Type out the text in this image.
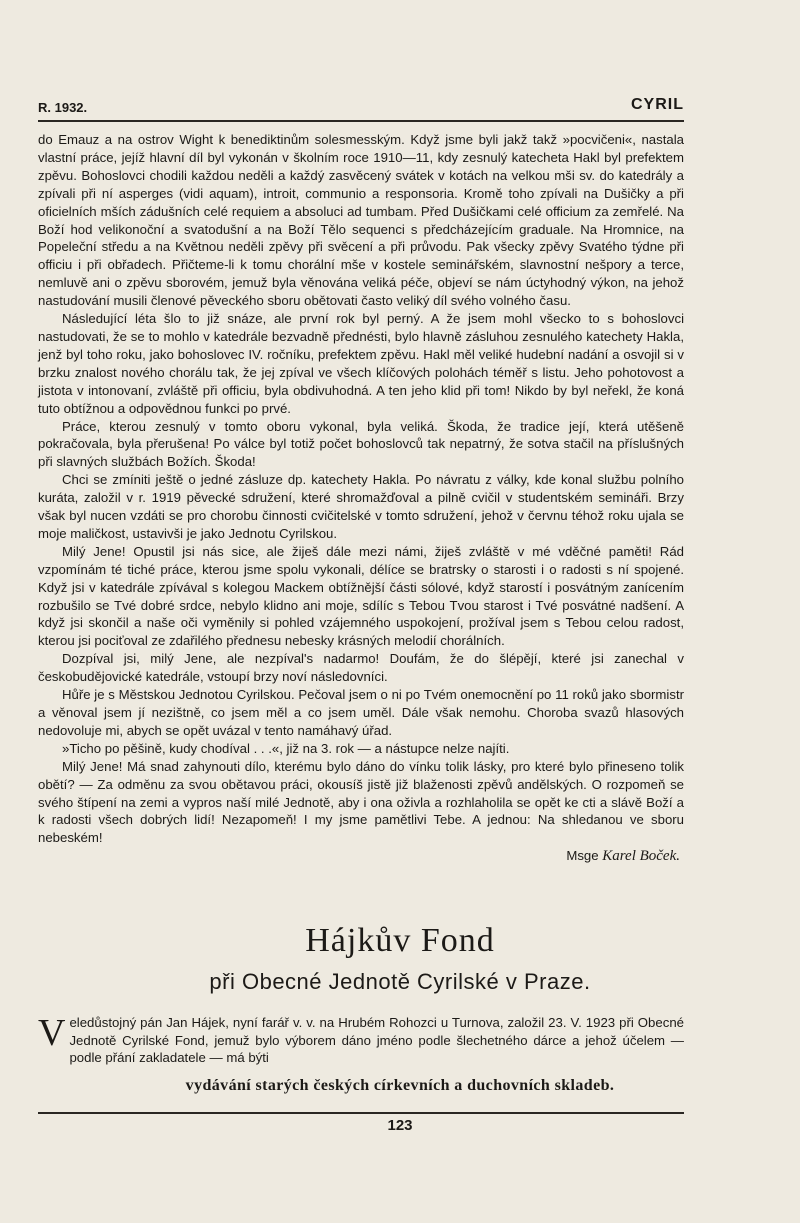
R. 1932.	CYRIL

do Emauz a na ostrov Wight k benediktinům solesmesským. Když jsme byli jakž takž »pocvičeni«, nastala vlastní práce, jejíž hlavní díl byl vykonán v školním roce 1910—11, kdy zesnulý katecheta Hakl byl prefektem zpěvu. Bohoslovci chodili každou neděli a každý zasvěcený svátek v kotách na velkou mši sv. do katedrály a zpívali při ní asperges (vidi aquam), introit, communio a responsoria. Kromě toho zpívali na Dušičky a při oficielních mších zádušních celé requiem a absoluci ad tumbam. Před Dušičkami celé officium za zemřelé. Na Boží hod velikonoční a svatodušní a na Boží Tělo sequenci s předcházejícím graduale. Na Hromnice, na Popeleční středu a na Květnou neděli zpěvy při svěcení a při průvodu. Pak všecky zpěvy Svatého týdne při officiu i při obřadech. Přičteme-li k tomu chorální mše v kostele seminářském, slavnostní nešpory a terce, nemluvě ani o zpěvu sborovém, jemuž byla věnována veliká péče, objeví se nám úctyhodný výkon, na jehož nastudování musili členové pěveckého sboru obětovati často veliký díl svého volného času.

Následující léta šlo to již snáze, ale první rok byl perný. A že jsem mohl všecko to s bohoslovci nastudovati, že se to mohlo v katedrále bezvadně přednésti, bylo hlavně zásluhou zesnulého katechety Hakla, jenž byl toho roku, jako bohoslovec IV. ročníku, prefektem zpěvu. Hakl měl veliké hudební nadání a osvojil si v brzku znalost nového chorálu tak, že jej zpíval ve všech klíčových polohách téměř s listu. Jeho pohotovost a jistota v intonovaní, zvláště při officiu, byla obdivuhodná. A ten jeho klid při tom! Nikdo by byl neřekl, že koná tuto obtížnou a odpovědnou funkci po prvé.

Práce, kterou zesnulý v tomto oboru vykonal, byla veliká. Škoda, že tradice její, která utěšeně pokračovala, byla přerušena! Po válce byl totiž počet bohoslovců tak nepatrný, že sotva stačil na příslušných při slavných službách Božích. Škoda!

Chci se zmíniti ještě o jedné zásluze dp. katechety Hakla. Po návratu z války, kde konal službu polního kuráta, založil v r. 1919 pěvecké sdružení, které shromažďoval a pilně cvičil v studentském semináři. Brzy však byl nucen vzdáti se pro chorobu činnosti cvičitelské v tomto sdružení, jehož v červnu téhož roku ujala se moje maličkost, ustavivši je jako Jednotu Cyrilskou.

Milý Jene! Opustil jsi nás sice, ale žiješ dále mezi námi, žiješ zvláště v mé vděčné paměti! Rád vzpomínám té tiché práce, kterou jsme spolu vykonali, délíce se bratrsky o starosti i o radosti s ní spojené. Když jsi v katedrále zpívával s kolegou Mackem obtížnější části sólové, když starostí i posvátným zanícením rozbušilo se Tvé dobré srdce, nebylo klidno ani moje, sdílíc s Tebou Tvou starost i Tvé posvátné nadšení. A když jsi skončil a naše oči vyměnily si pohled vzájemného uspokojení, prožíval jsem s Tebou celou radost, kterou jsi pociťoval ze zdařilého přednesu nebesky krásných melodií chorálních.

Dozpíval jsi, milý Jene, ale nezpíval's nadarmo! Doufám, že do šlépějí, které jsi zanechal v českobudějovické katedrále, vstoupí brzy noví následovníci.

Hůře je s Městskou Jednotou Cyrilskou. Pečoval jsem o ni po Tvém onemocnění po 11 roků jako sbormistr a věnoval jsem jí nezištně, co jsem měl a co jsem uměl. Dále však nemohu. Choroba svazů hlasových nedovoluje mi, abych se opět uvázal v tento namáhavý úřad.

»Ticho po pěšině, kudy chodíval . . .«, již na 3. rok — a nástupce nelze najíti.

Milý Jene! Má snad zahynouti dílo, kterému bylo dáno do vínku tolik lásky, pro které bylo přineseno tolik obětí? — Za odměnu za svou obětavou práci, okousíš jistě již blaženosti zpěvů andělských. O rozpomeň se svého štípení na zemi a vypros naší milé Jednotě, aby i ona oživla a rozhlaholila se opět ke cti a slávě Boží a k radosti všech dobrých lidí! Nezapomeň! I my jsme pamětlivi Tebe. A jednou: Na shledanou ve sboru nebeském!

Msge Karel Boček.
Hájkův Fond
při Obecné Jednotě Cyrilské v Praze.
V eledůstojný pán Jan Hájek, nyní farář v. v. na Hrubém Rohozci u Turnova, založil 23. V. 1923 při Obecné Jednotě Cyrilské Fond, jemuž bylo výborem dáno jméno podle šlechetného dárce a jehož účelem — podle přání zakladatele — má býti
vydávání starých českých církevních a duchovních skladeb.
123
